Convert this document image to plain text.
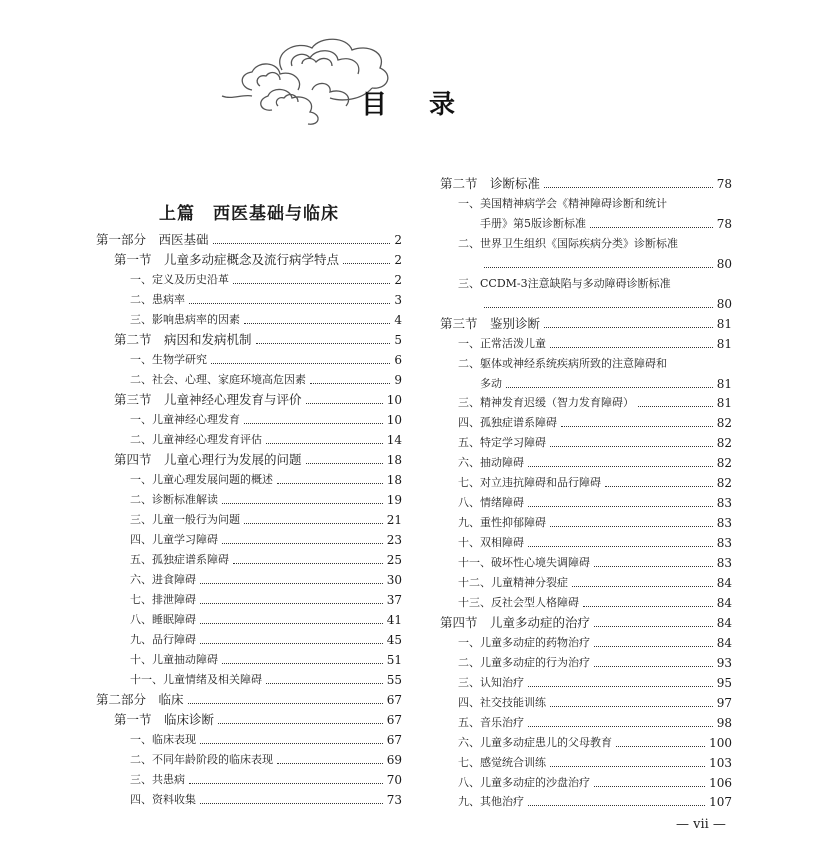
目录
上篇　西医基础与临床
第一部分　西医基础	2
第一节　儿童多动症概念及流行病学特点	2
一、定义及历史沿革	2
二、患病率	3
三、影响患病率的因素	4
第二节　病因和发病机制	5
一、生物学研究	6
二、社会、心理、家庭环境高危因素	9
第三节　儿童神经心理发育与评价	10
一、儿童神经心理发育	10
二、儿童神经心理发育评估	14
第四节　儿童心理行为发展的问题	18
一、儿童心理发展问题的概述	18
二、诊断标准解读	19
三、儿童一般行为问题	21
四、儿童学习障碍	23
五、孤独症谱系障碍	25
六、进食障碍	30
七、排泄障碍	37
八、睡眠障碍	41
九、品行障碍	45
十、儿童抽动障碍	51
十一、儿童情绪及相关障碍	55
第二部分　临床	67
第一节　临床诊断	67
一、临床表现	67
二、不同年龄阶段的临床表现	69
三、共患病	70
四、资料收集	73
第二节　诊断标准	78
一、美国精神病学会《精神障碍诊断和统计
手册》第5版诊断标准	78
二、世界卫生组织《国际疾病分类》诊断标准
80
三、CCDM-3注意缺陷与多动障碍诊断标准
80
第三节　鉴别诊断	81
一、正常活泼儿童	81
二、躯体或神经系统疾病所致的注意障碍和
多动	81
三、精神发育迟缓（智力发育障碍）	81
四、孤独症谱系障碍	82
五、特定学习障碍	82
六、抽动障碍	82
七、对立违抗障碍和品行障碍	82
八、情绪障碍	83
九、重性抑郁障碍	83
十、双相障碍	83
十一、破坏性心境失调障碍	83
十二、儿童精神分裂症	84
十三、反社会型人格障碍	84
第四节　儿童多动症的治疗	84
一、儿童多动症的药物治疗	84
二、儿童多动症的行为治疗	93
三、认知治疗	95
四、社交技能训练	97
五、音乐治疗	98
六、儿童多动症患儿的父母教育	100
七、感觉统合训练	103
八、儿童多动症的沙盘治疗	106
九、其他治疗	107
— vii —
